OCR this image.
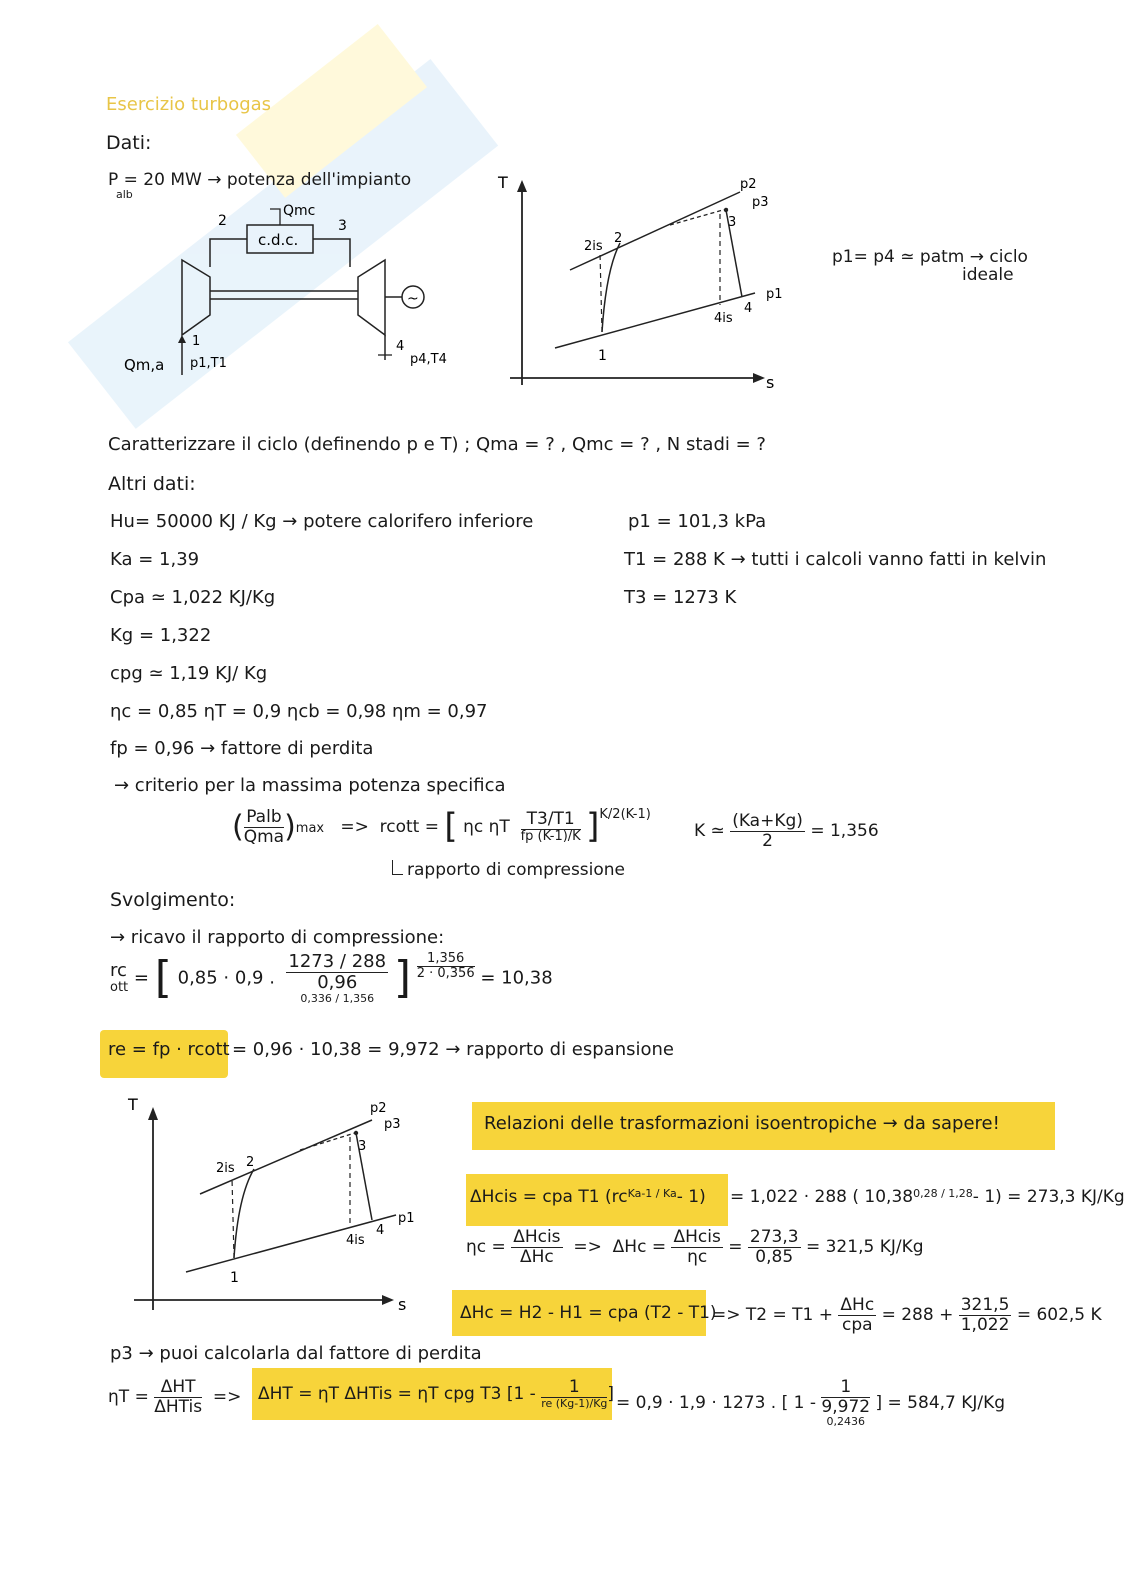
Esercizio turbogas
Dati:
P = 20 MW → potenza dell'impianto
alb
~
c.d.c.
Qmc
2	3
1	4
p1,T1
Qm,a	p4,T4
T
s
p2
p3
p1
2is
2
3
4is
4
1
p1= p4 ≃ patm → ciclo
ideale
Caratterizzare il ciclo (definendo p e T) ; Qma = ? , Qmc = ? , N stadi = ?
Altri dati:
Hu= 50000 KJ / Kg → potere calorifero inferiore
Ka = 1,39
Cpa ≃ 1,022 KJ/Kg
Kg = 1,322
cpg ≃ 1,19 KJ/ Kg
ηc = 0,85 ηT = 0,9 ηcb = 0,98 ηm = 0,97
fp = 0,96 → fattore di perdita
p1 = 101,3 kPa
T1 = 288 K → tutti i calcoli vanno fatti in kelvin
T3 = 1273 K
→ criterio per la massima potenza specifica
( $\frac{\text{Palb}}{\text{Qma}} )\max => rcott$ = [ ηc ηT $\frac{T3/T1}{fp (K-1)/K} ]^{K/2(K-1)}$
K ≃ $\frac{(Ka+Kg)}{2} = 1,356$
rapporto di compressione
Svolgimento:
→ ricavo il rapporto di compressione:
rc
ott = [ 0,85 · 0,9 . 1273 / 288
0,96
0,336 / 1,356 ] $\frac{1,356}{2 \cdot 0,356} = 10,38$
re = fp · rcott = 0,96 · 10,38 = 9,972 → rapporto di espansione
T
s
p2
p3
p1
2is 2
3
4is
4
1
Relazioni delle trasformazioni isoentropiche → da sapere!
ΔHcis = cpa T1 ($rc^{Ka-1 / Ka}-$ 1) = 1,022 · 288 ( $10,38^{0,28 / 1,28}-$ 1) = 273,3 KJ/Kg
$\eta c = \frac{\text{ΔHcis}}{\text{ΔHc}} => \Delta Hc = \frac{\text{ΔHcis}}{\eta c} = \frac{273,3}{0,85} = 321,5$ KJ/Kg
ΔHc = H2 - H1 = cpa (T2 - T1)
=> $T2 = T1 + \frac{\text{ΔHc}}{\text{cpa}} = 288 + \frac{321,5}{1,022} = 602,5$ K
p3 → puoi calcolarla dal fattore di perdita
$\eta T = \frac{\text{ΔHT}}{\text{ΔHTis}} => \Delta HT = \eta T$ ΔHTis = ηT cpg T3 [$1 - \frac{1}{re (Kg-1)/Kg}$ ] = 0,9 · 1,9 · 1273 . [ 1 - 1
9,972
0,2436 ] = 584,7 KJ/Kg
